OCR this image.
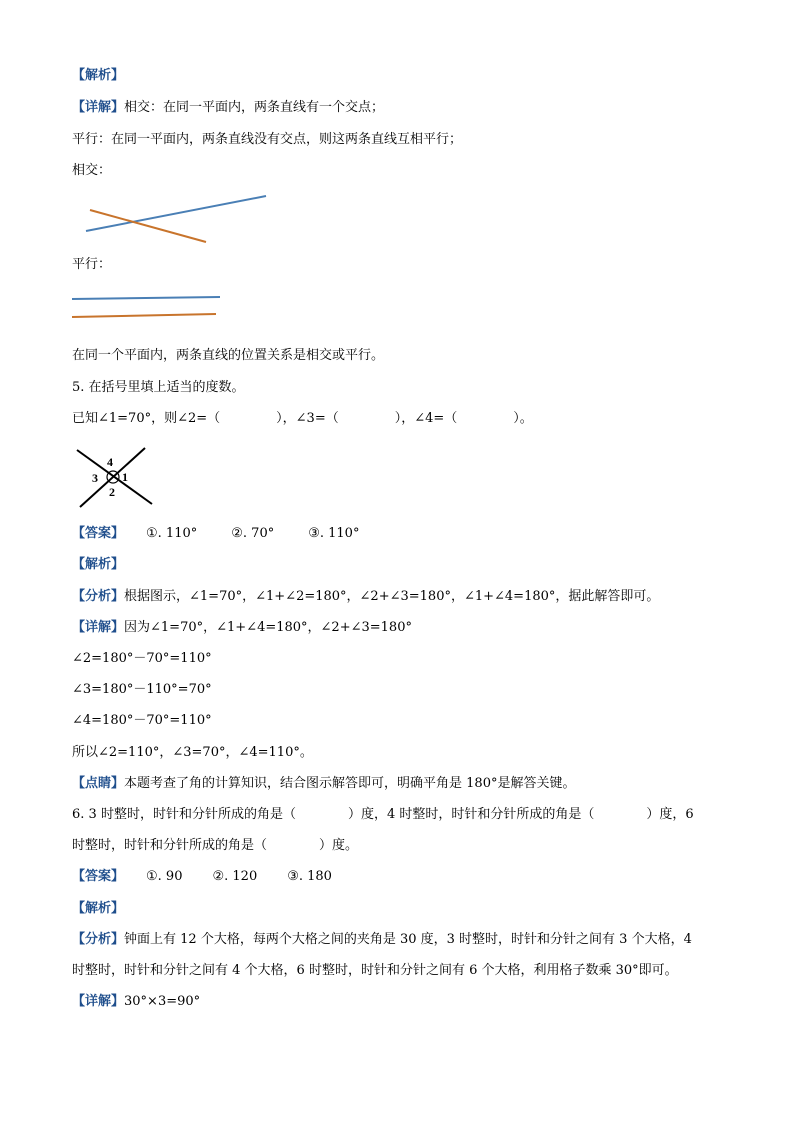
【解析】
【详解】相交：在同一平面内，两条直线有一个交点；
平行：在同一平面内，两条直线没有交点，则这两条直线互相平行；
相交：
平行：
在同一个平面内，两条直线的位置关系是相交或平行。
5. 在括号里填上适当的度数。
已知∠1=70°，则∠2=（	），∠3=（	），∠4=（	）。
4
1
3
2
【答案】 ①. 110°	②. 70°	③. 110°
【解析】
【分析】根据图示，∠1=70°，∠1+∠2=180°，∠2+∠3=180°，∠1+∠4=180°，据此解答即可。
【详解】因为∠1=70°，∠1+∠4=180°，∠2+∠3=180°
∠2=180°－70°=110°
∠3=180°－110°=70°
∠4=180°－70°=110°
所以∠2=110°，∠3=70°，∠4=110°。
【点睛】本题考查了角的计算知识，结合图示解答即可，明确平角是 180°是解答关键。
6. 3 时整时，时针和分针所成的角是（	）度，4 时整时，时针和分针所成的角是（	）度，6
时整时，时针和分针所成的角是（	）度。
【答案】 ①. 90 ②. 120 ③. 180
【解析】
【分析】钟面上有 12 个大格，每两个大格之间的夹角是 30 度，3 时整时，时针和分针之间有 3 个大格，4
时整时，时针和分针之间有 4 个大格，6 时整时，时针和分针之间有 6 个大格，利用格子数乘 30°即可。
【详解】30°×3=90°
